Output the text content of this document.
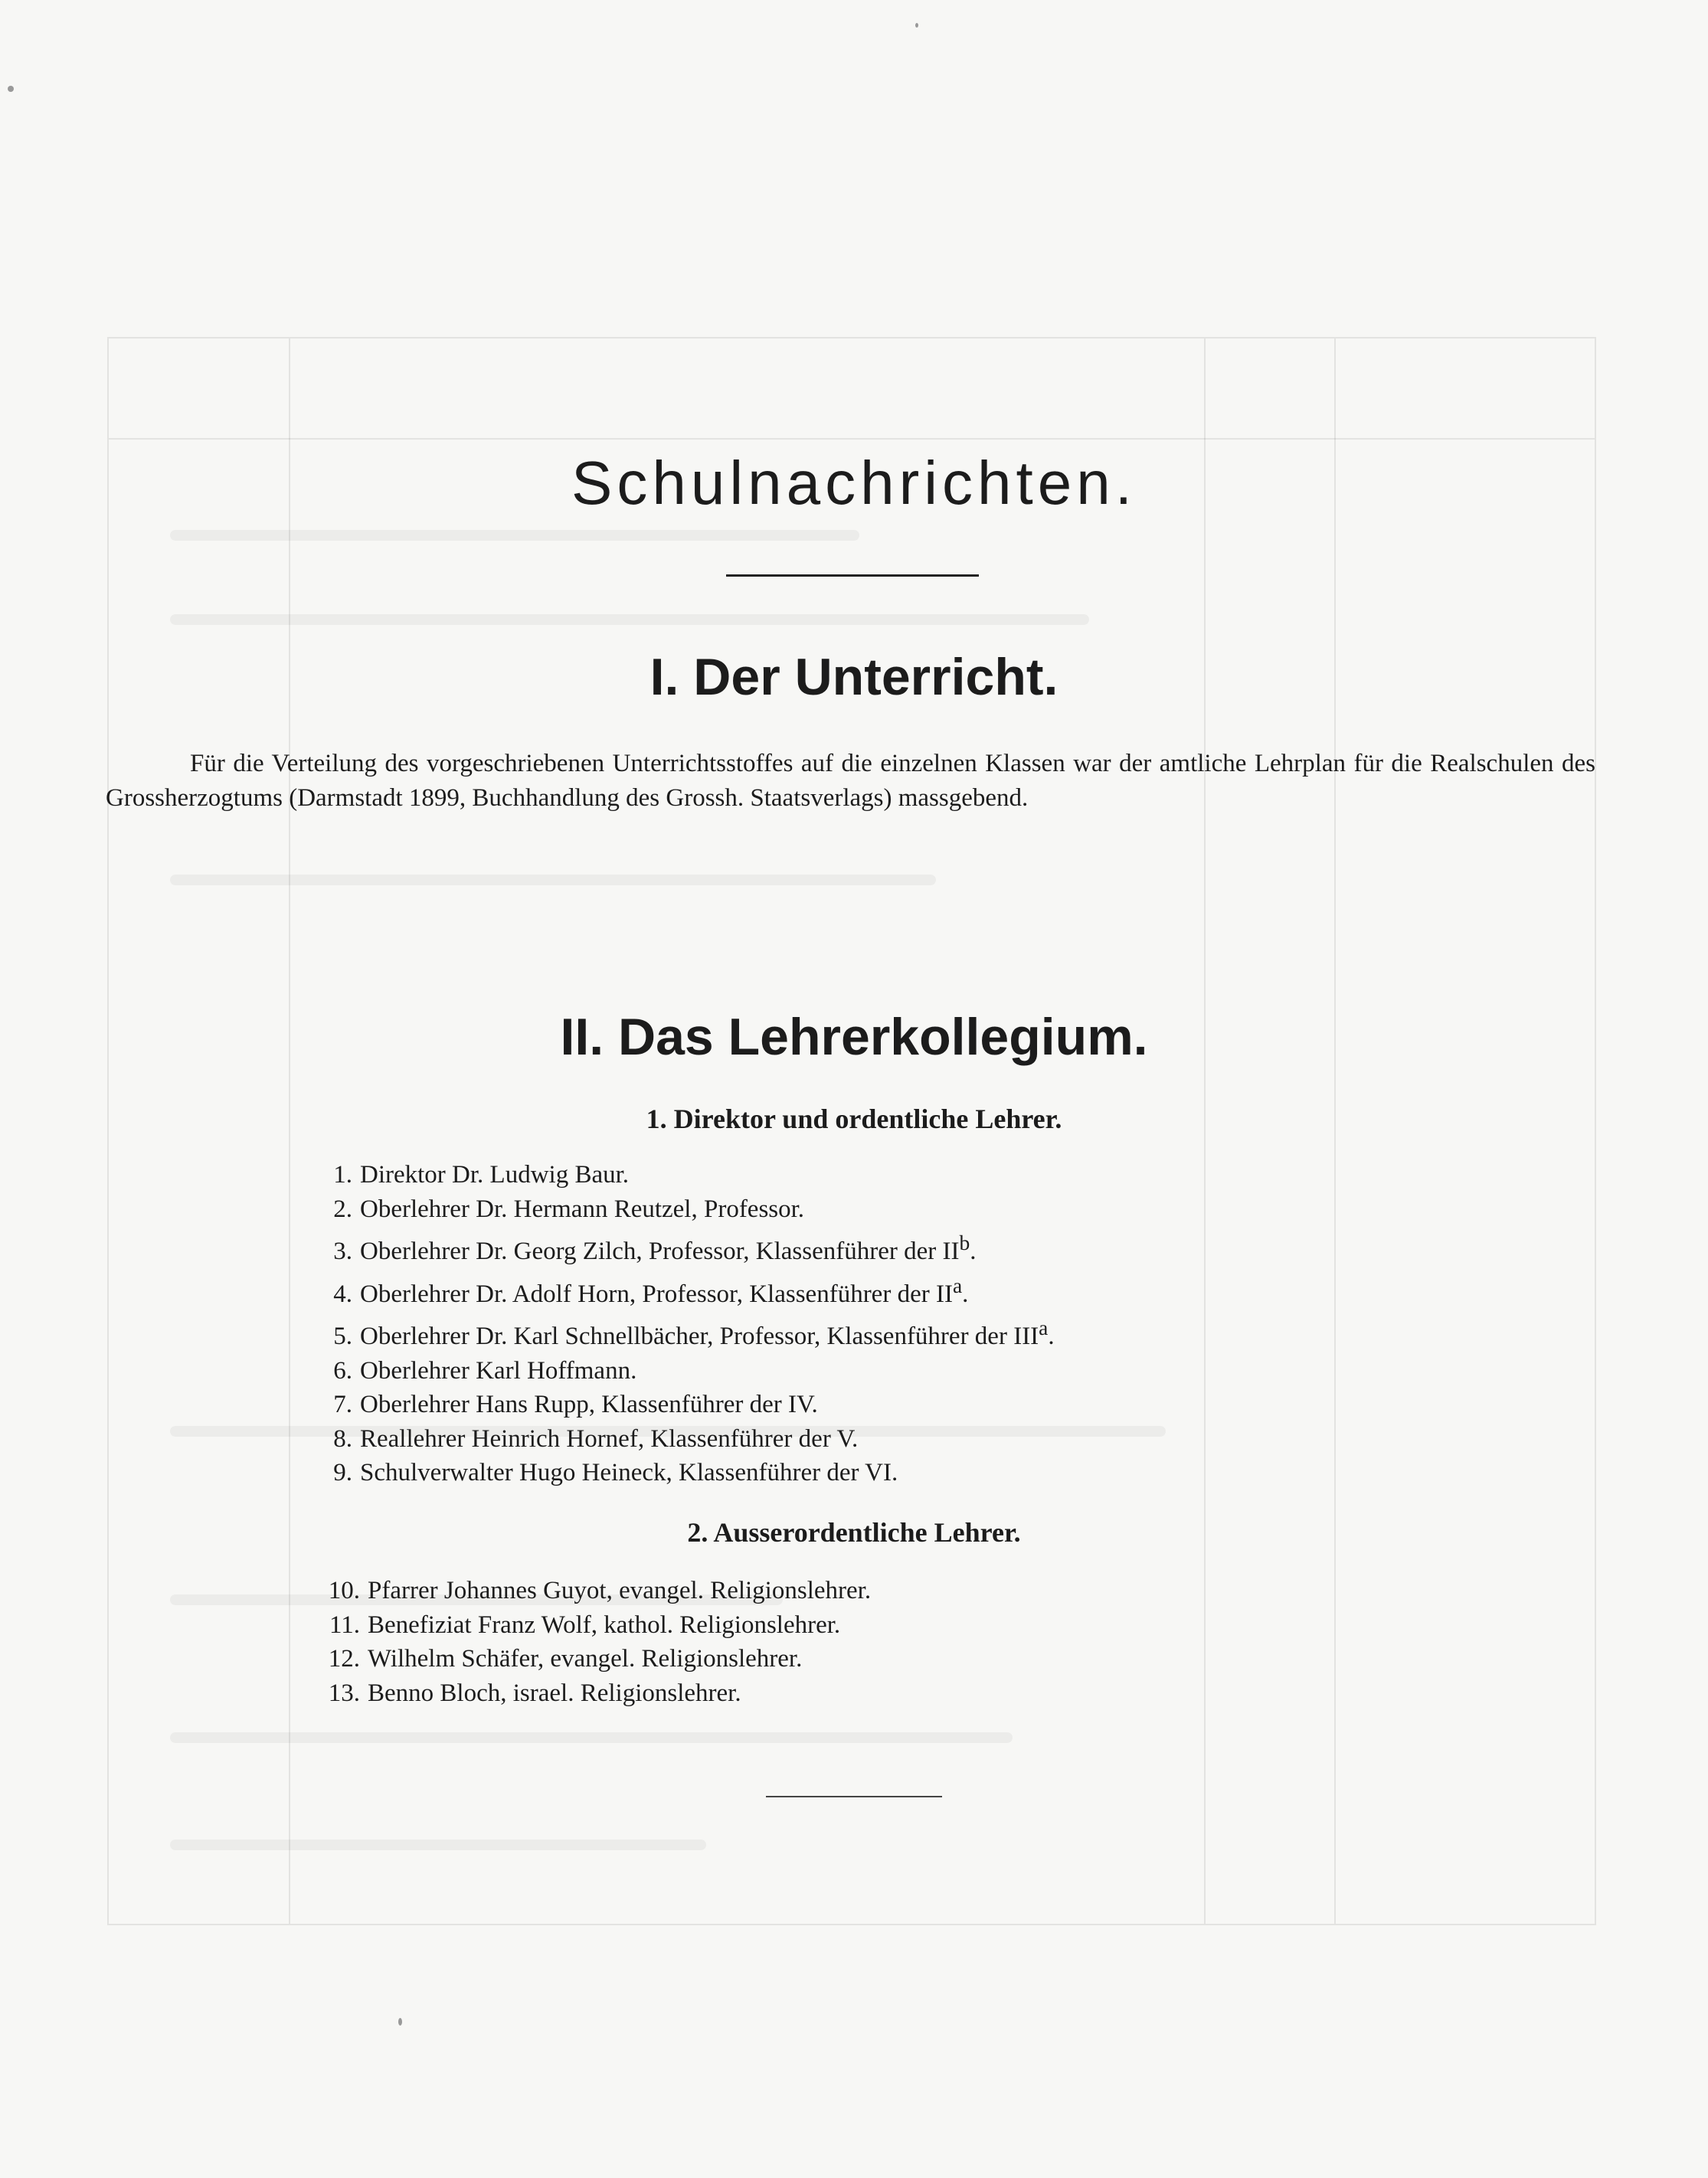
Schulnachrichten.
I. Der Unterricht.

Für die Verteilung des vorgeschriebenen Unterrichtsstoffes auf die einzelnen Klassen war der amtliche Lehrplan für die Realschulen des Grossherzogtums (Darmstadt 1899, Buchhandlung des Grossh. Staatsverlags) massgebend.

II. Das Lehrerkollegium.
1. Direktor und ordentliche Lehrer.
1. Direktor Dr. Ludwig Baur.
2. Oberlehrer Dr. Hermann Reutzel, Professor.
3. Oberlehrer Dr. Georg Zilch, Professor, Klassenführer der $II^b$.
4. Oberlehrer Dr. Adolf Horn, Professor, Klassenführer der $II^a$.
5. Oberlehrer Dr. Karl Schnellbächer, Professor, Klassenführer der III$^a$.
6. Oberlehrer Karl Hoffmann.
7. Oberlehrer Hans Rupp, Klassenführer der IV.
8. Reallehrer Heinrich Hornef, Klassenführer der V.
9. Schulverwalter Hugo Heineck, Klassenführer der VI.
2. Ausserordentliche Lehrer.
10. Pfarrer Johannes Guyot, evangel. Religionslehrer.
11. Benefiziat Franz Wolf, kathol. Religionslehrer.
12. Wilhelm Schäfer, evangel. Religionslehrer.
13. Benno Bloch, israel. Religionslehrer.
